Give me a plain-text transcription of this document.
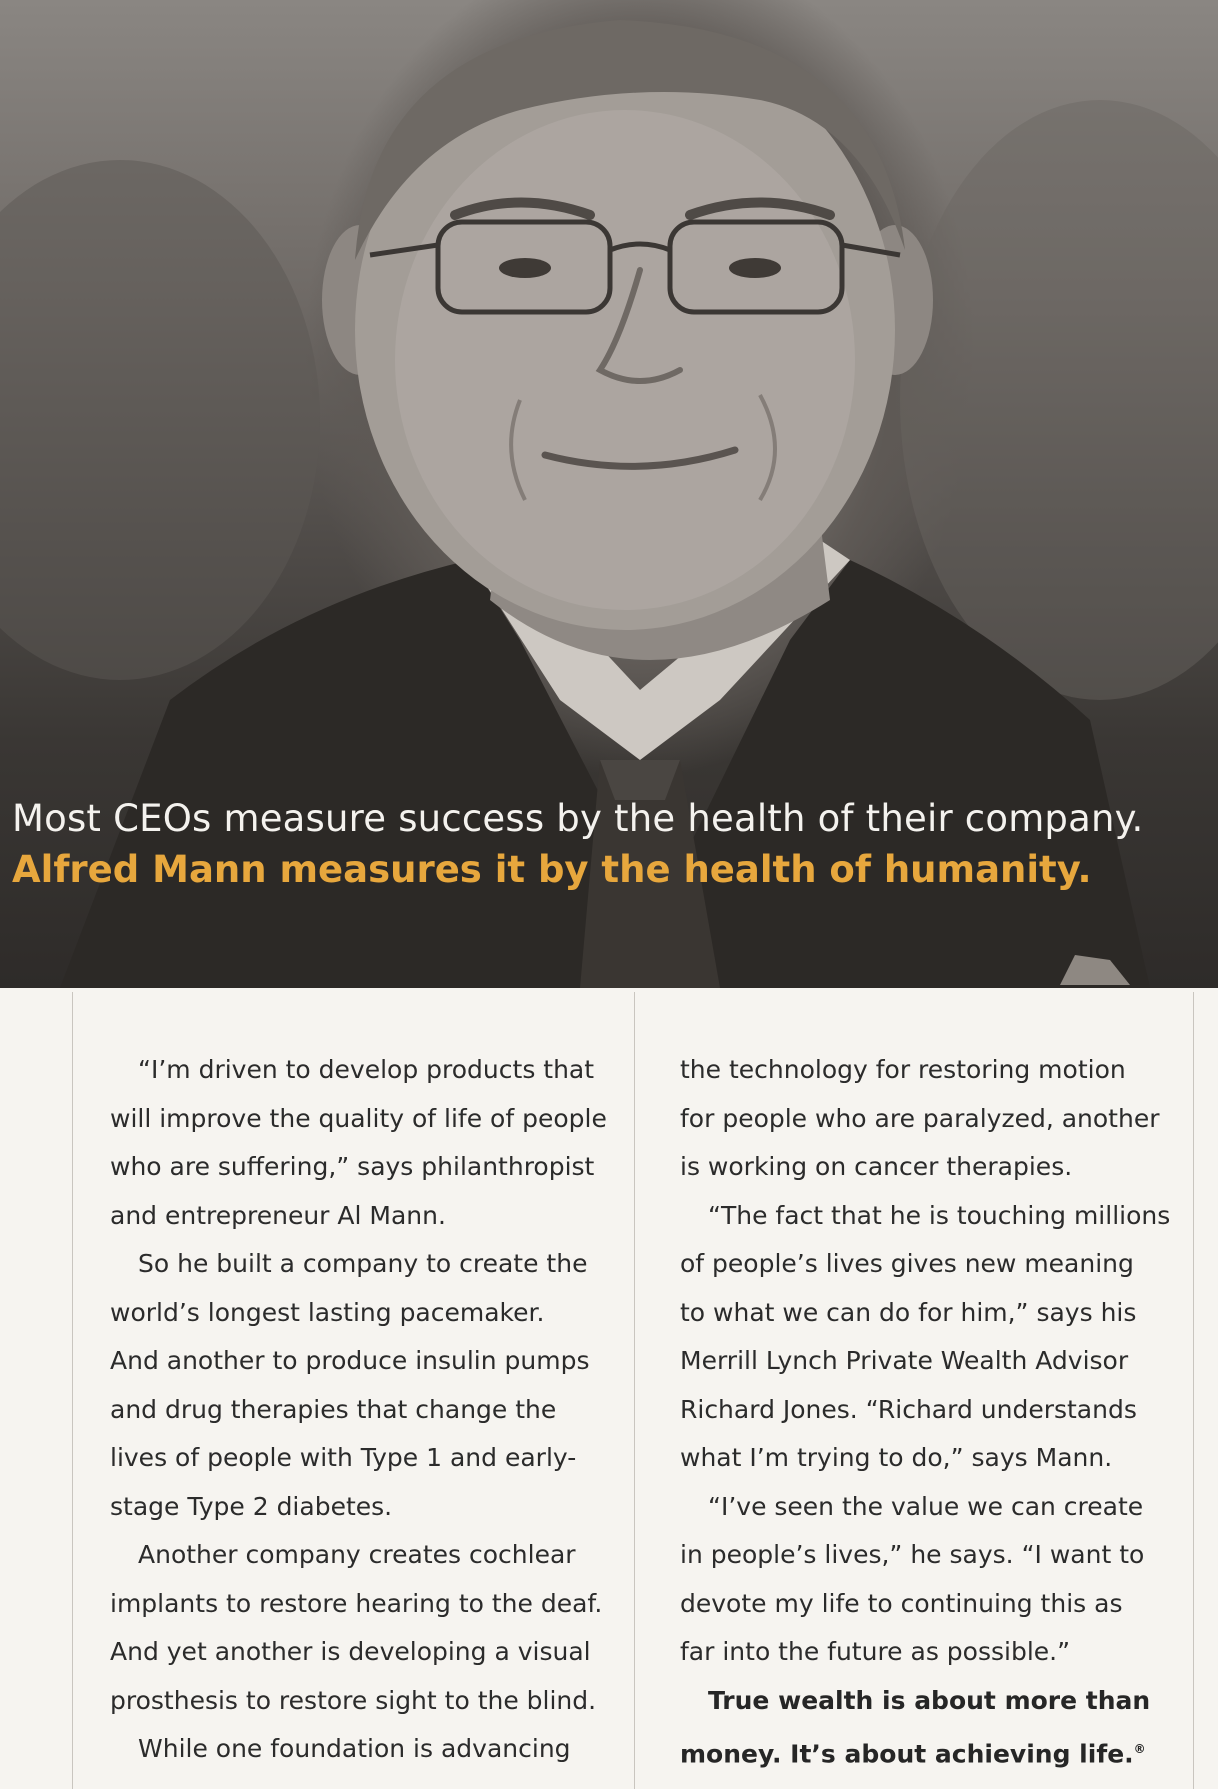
Most CEOs measure success by the health of their company.
Alfred Mann measures it by the health of humanity.

“I’m driven to develop products that
will improve the quality of life of people
who are suffering,” says philanthropist
and entrepreneur Al Mann.

So he built a company to create the
world’s longest lasting pacemaker.
And another to produce insulin pumps
and drug therapies that change the
lives of people with Type 1 and early-
stage Type 2 diabetes.

Another company creates cochlear
implants to restore hearing to the deaf.
And yet another is developing a visual
prosthesis to restore sight to the blind.

While one foundation is advancing

the technology for restoring motion
for people who are paralyzed, another
is working on cancer therapies.

“The fact that he is touching millions
of people’s lives gives new meaning
to what we can do for him,” says his
Merrill Lynch Private Wealth Advisor
Richard Jones. “Richard understands
what I’m trying to do,” says Mann.

“I’ve seen the value we can create
in people’s lives,” he says. “I want to
devote my life to continuing this as
far into the future as possible.”

True wealth is about more than
money. It’s about achieving life.®
